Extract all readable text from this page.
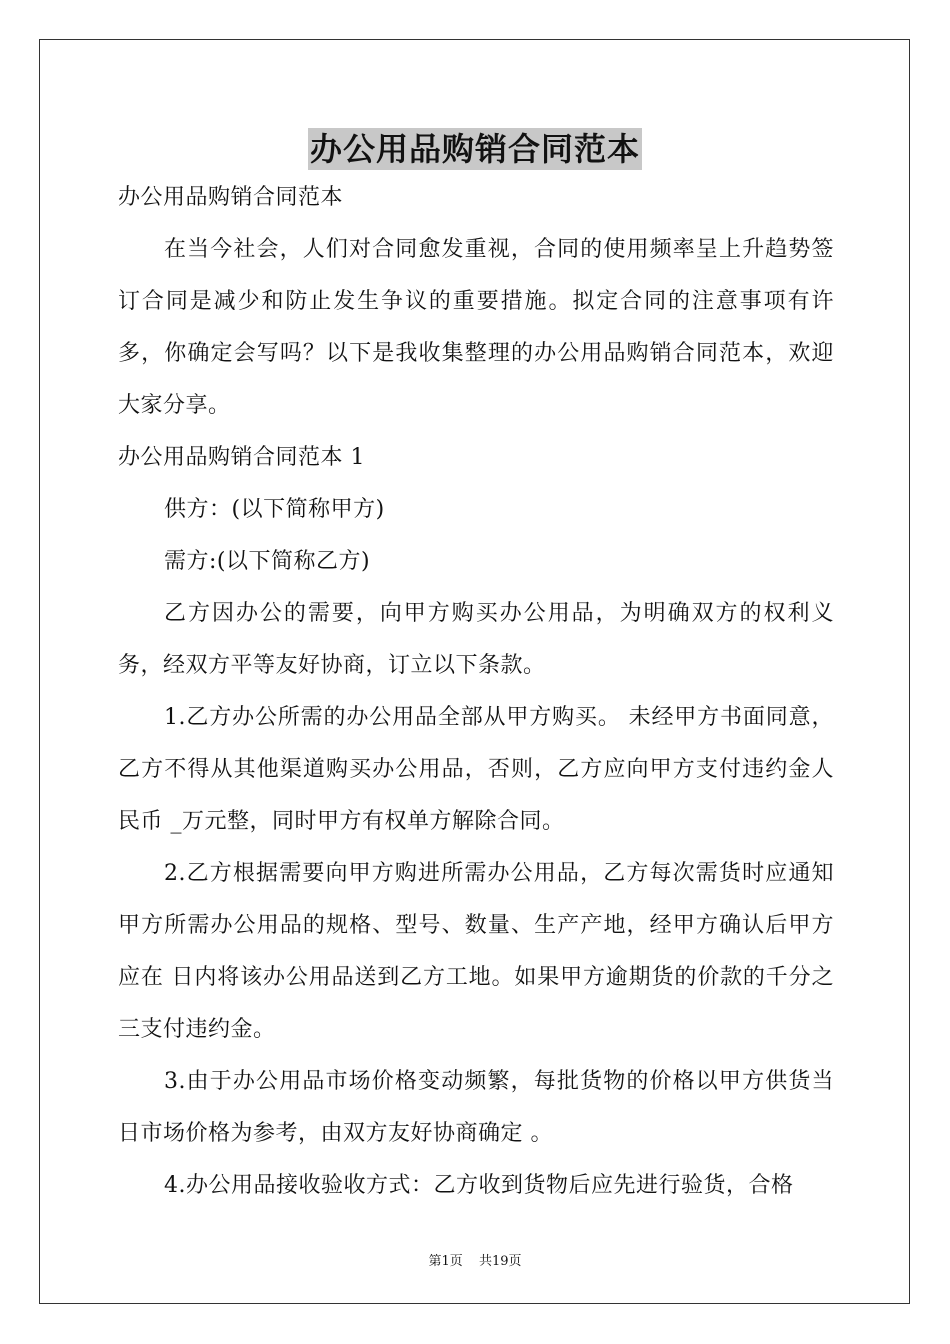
办公用品购销合同范本

办公用品购销合同范本

在当今社会，人们对合同愈发重视，合同的使用频率呈上升趋势签订合同是减少和防止发生争议的重要措施。拟定合同的注意事项有许多，你确定会写吗？以下是我收集整理的办公用品购销合同范本，欢迎大家分享。

办公用品购销合同范本 1

供方：(以下简称甲方)

需方:(以下简称乙方)

乙方因办公的需要，向甲方购买办公用品，为明确双方的权利义务，经双方平等友好协商，订立以下条款。

1.乙方办公所需的办公用品全部从甲方购买。 未经甲方书面同意，乙方不得从其他渠道购买办公用品，否则，乙方应向甲方支付违约金人民币 _万元整，同时甲方有权单方解除合同。

2.乙方根据需要向甲方购进所需办公用品，乙方每次需货时应通知甲方所需办公用品的规格、型号、数量、生产产地，经甲方确认后甲方应在 日内将该办公用品送到乙方工地。如果甲方逾期货的价款的千分之三支付违约金。

3.由于办公用品市场价格变动频繁，每批货物的价格以甲方供货当日市场价格为参考，由双方友好协商确定 。

4.办公用品接收验收方式：乙方收到货物后应先进行验货，合格

第1页 共19页
